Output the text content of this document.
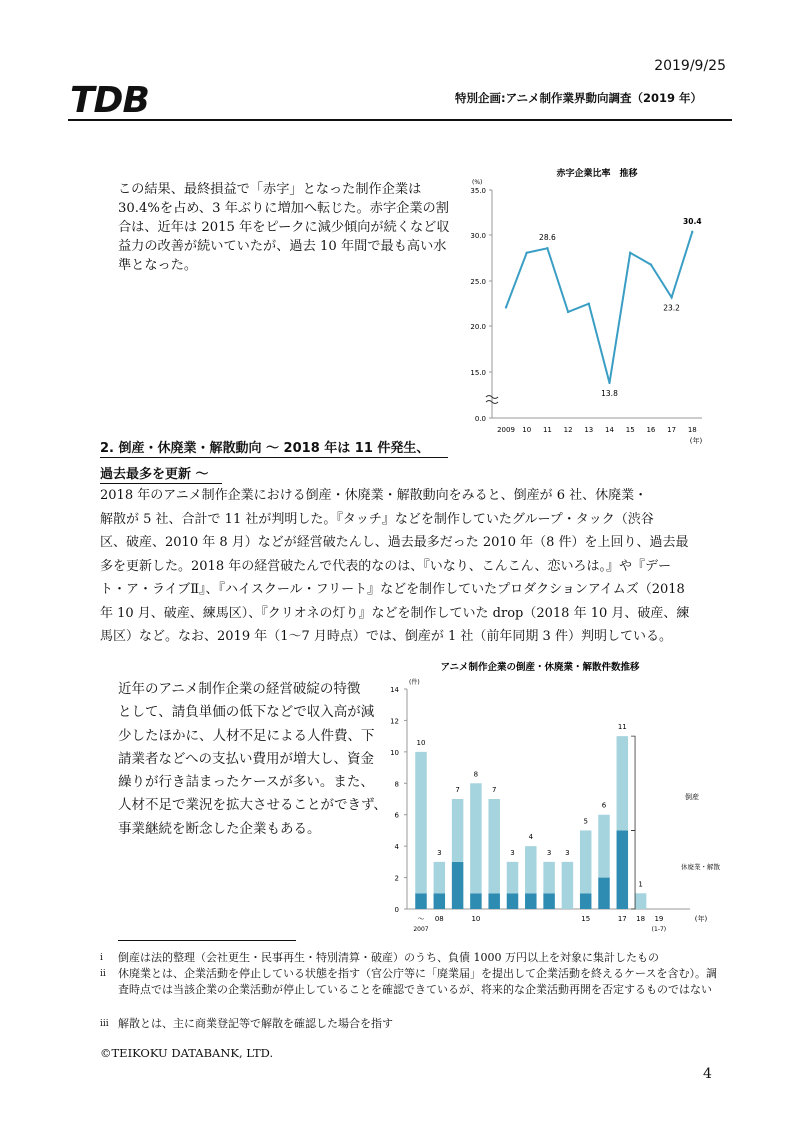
2019/9/25
TDB	特別企画:アニメ制作業界動向調査（2019 年）
この結果、最終損益で「赤字」となった制作企業は
30.4%を占め、3 年ぶりに増加へ転じた。赤字企業の割
合は、近年は 2015 年をピークに減少傾向が続くなど収
益力の改善が続いていたが、過去 10 年間で最も高い水
準となった。
赤字企業比率　推移
(%)
0.0
15.0
20.0
25.0
30.0
35.0
28.6
13.8
23.2
30.4
2009 10 11 12 13 14 15 16 17 18
(年)
アニメ制作企業の倒産・休廃業・解散件数推移
(件)
0
2
4
6
8
10
12
14
10
3
7
8
7
3
4
3 3
5
6
11
1
～
2007
08	10	15	17 18 19
(1-7)
(年)
倒産
休廃業・解散
2. 倒産・休廃業・解散動向 ～ 2018 年は 11 件発生、
過去最多を更新 ～
2018 年のアニメ制作企業における倒産・休廃業・解散動向をみると、倒産が 6 社、休廃業・
解散が 5 社、合計で 11 社が判明した。『タッチ』などを制作していたグループ・タック（渋谷
区、破産、2010 年 8 月）などが経営破たんし、過去最多だった 2010 年（8 件）を上回り、過去最
多を更新した。2018 年の経営破たんで代表的なのは、『いなり、こんこん、恋いろは。』や『デー
ト・ア・ライブⅡ』、『ハイスクール・フリート』などを制作していたプロダクションアイムズ（2018
年 10 月、破産、練馬区）、『クリオネの灯り』などを制作していた drop（2018 年 10 月、破産、練
馬区）など。なお、2019 年（1～7 月時点）では、倒産が 1 社（前年同期 3 件）判明している。
近年のアニメ制作企業の経営破綻の特徴
として、請負単価の低下などで収入高が減
少したほかに、人材不足による人件費、下
請業者などへの支払い費用が増大し、資金
繰りが行き詰まったケースが多い。また、
人材不足で業況を拡大させることができず、
事業継続を断念した企業もある。
i 倒産は法的整理（会社更生・民事再生・特別清算・破産）のうち、負債 1000 万円以上を対象に集計したもの
ii 休廃業とは、企業活動を停止している状態を指す（官公庁等に「廃業届」を提出して企業活動を終えるケースを含む）。調査時点では当該企業の企業活動が停止していることを確認できているが、将来的な企業活動再開を否定するものではない
iii 解散とは、主に商業登記等で解散を確認した場合を指す
©TEIKOKU DATABANK, LTD.
4
